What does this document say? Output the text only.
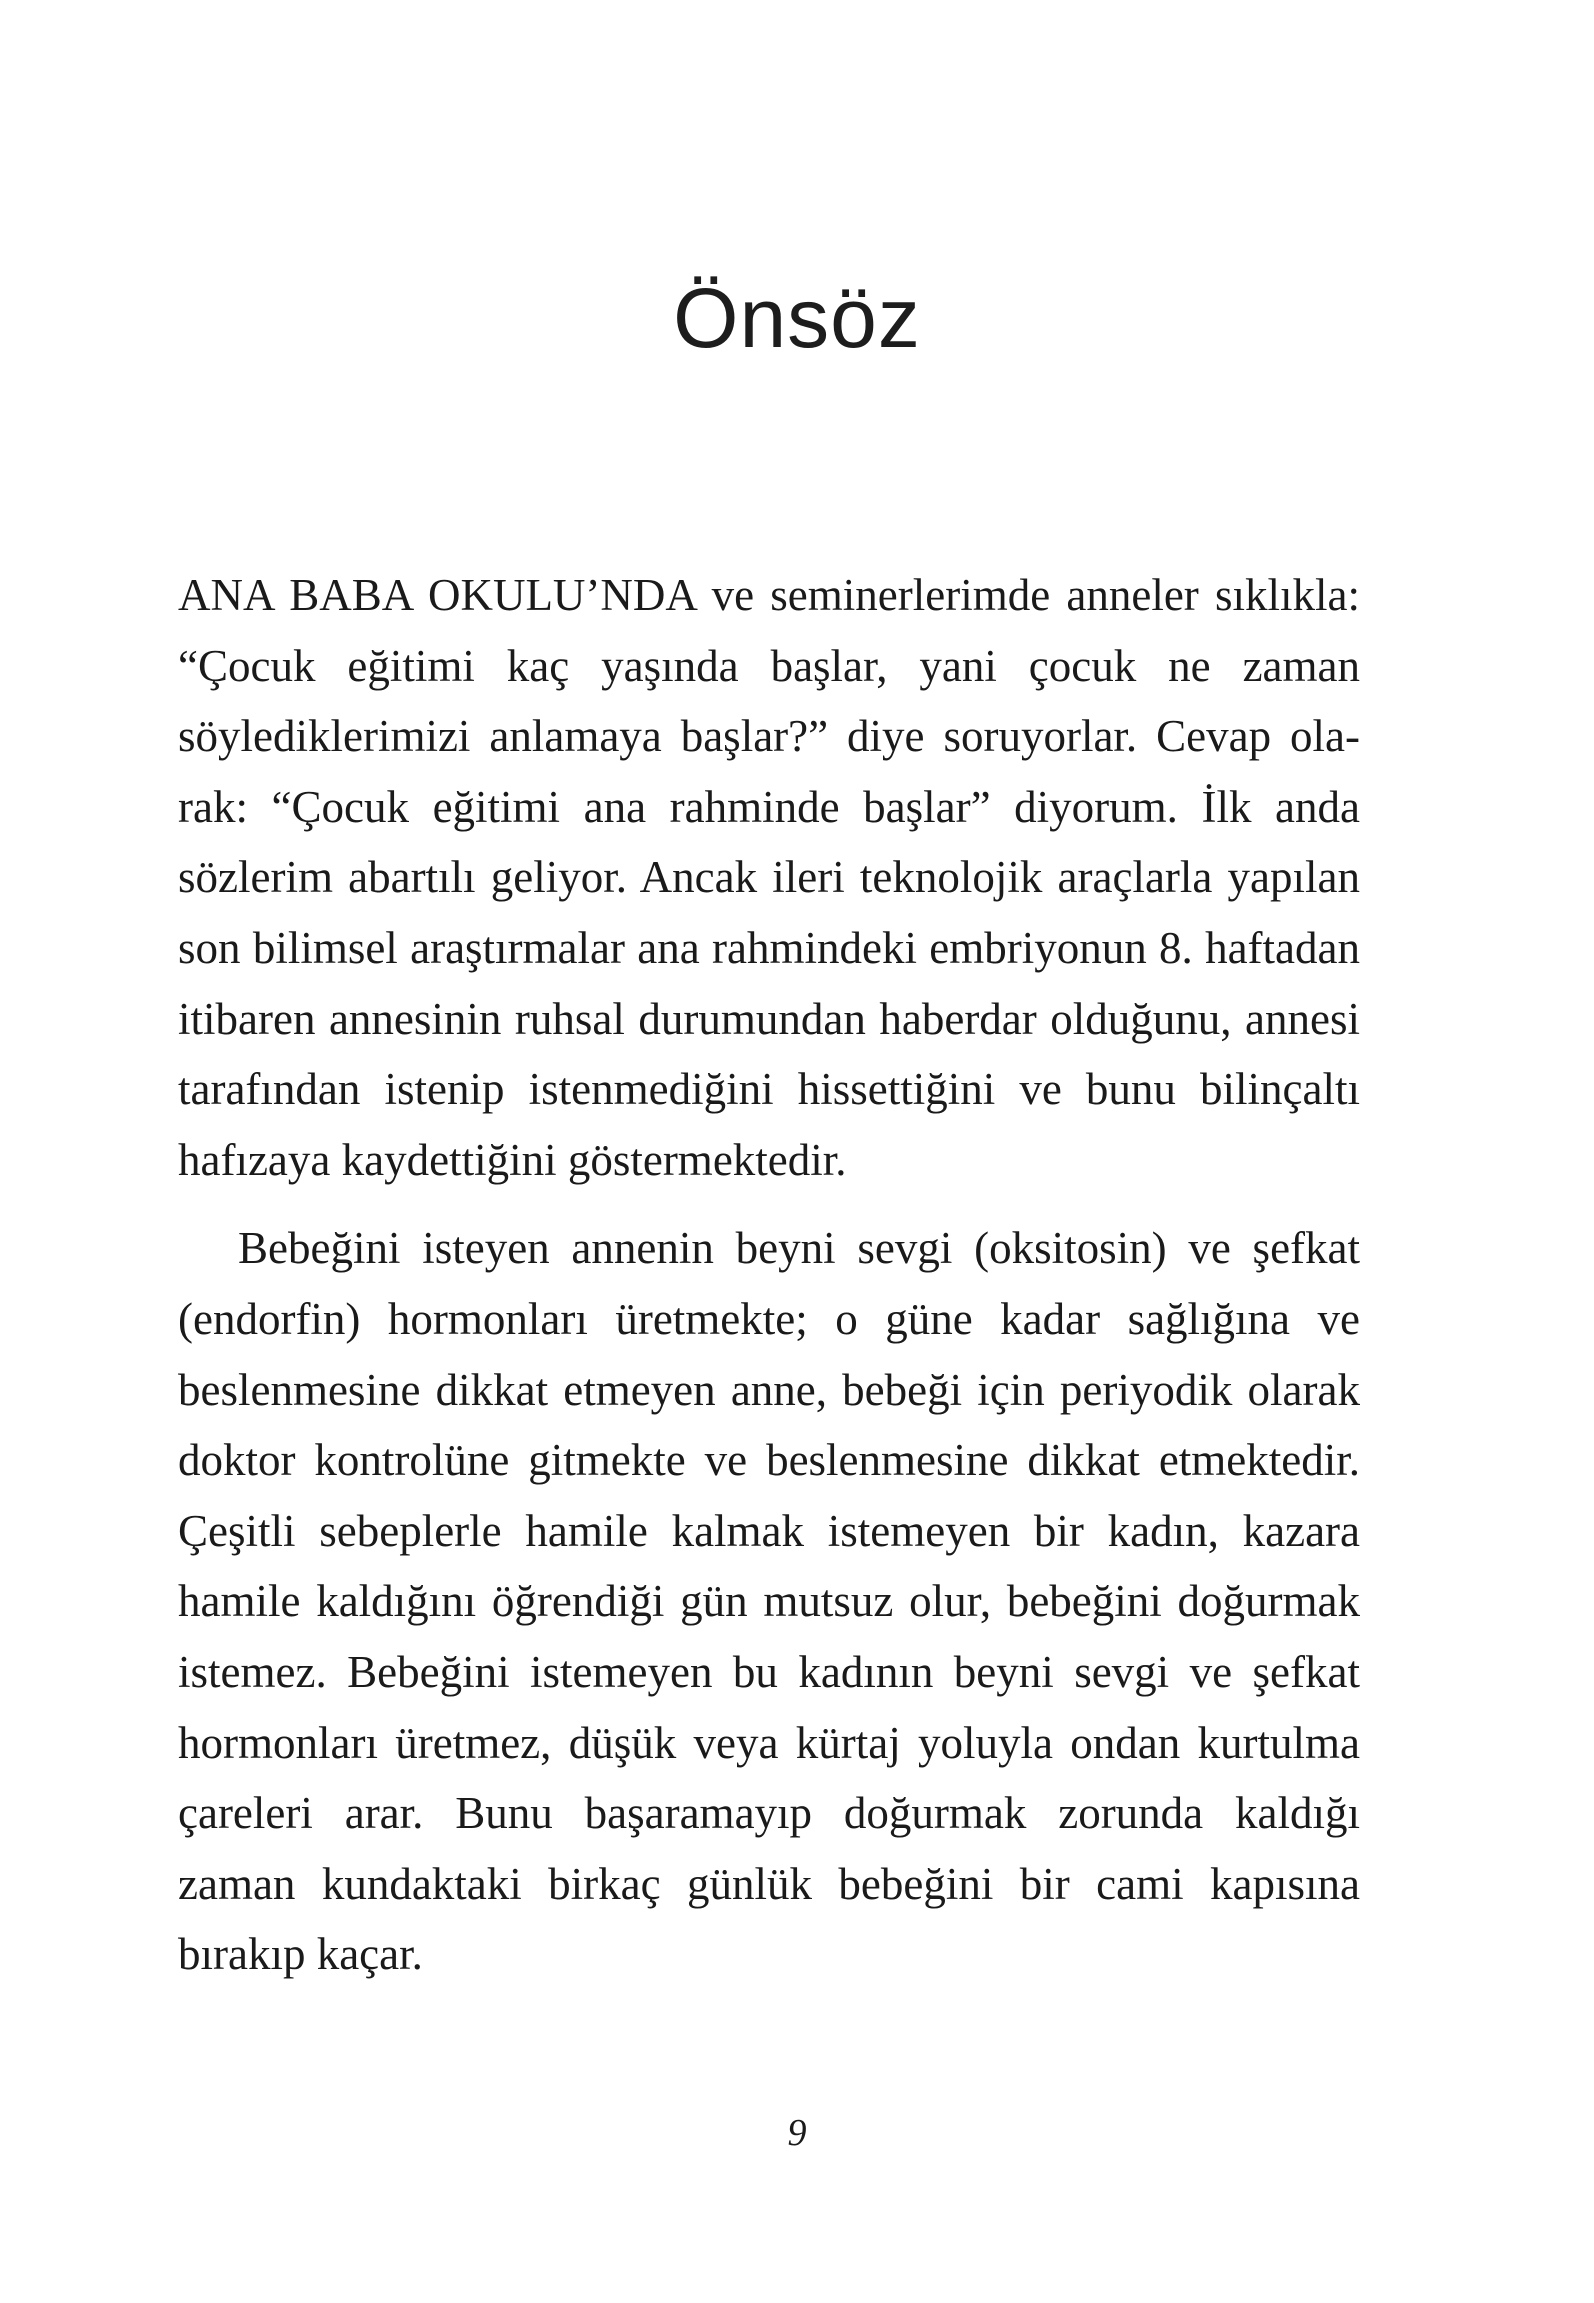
Önsöz

ANA BABA OKULU’NDA ve seminerlerimde anneler sıklıkla: “Çocuk eğitimi kaç yaşında başlar, yani çocuk ne zaman söylediklerimizi anlamaya başlar?” diye soruyorlar. Cevap olarak: “Çocuk eğitimi ana rahminde başlar” diyorum. İlk anda sözlerim abartılı geliyor. Ancak ileri teknolojik araçlarla yapılan son bilimsel araştırmalar ana rahmindeki embriyonun 8. haftadan itibaren annesinin ruhsal durumundan haberdar olduğunu, annesi tarafından istenip istenmediğini hissettiğini ve bunu bilinçaltı hafızaya kaydettiğini göstermektedir.

Bebeğini isteyen annenin beyni sevgi (oksitosin) ve şefkat (endorfin) hormonları üretmekte; o güne kadar sağlığına ve beslenmesine dikkat etmeyen anne, bebeği için periyodik olarak doktor kontrolüne gitmekte ve beslenmesine dikkat etmektedir. Çeşitli sebeplerle hamile kalmak istemeyen bir kadın, kazara hamile kaldığını öğrendiği gün mutsuz olur, bebeğini doğurmak istemez. Bebeğini istemeyen bu kadının beyni sevgi ve şefkat hormonları üretmez, düşük veya kürtaj yoluyla ondan kurtulma çareleri arar. Bunu başaramayıp doğurmak zorunda kaldığı zaman kundaktaki birkaç günlük bebeğini bir cami kapısına bırakıp kaçar.

9
